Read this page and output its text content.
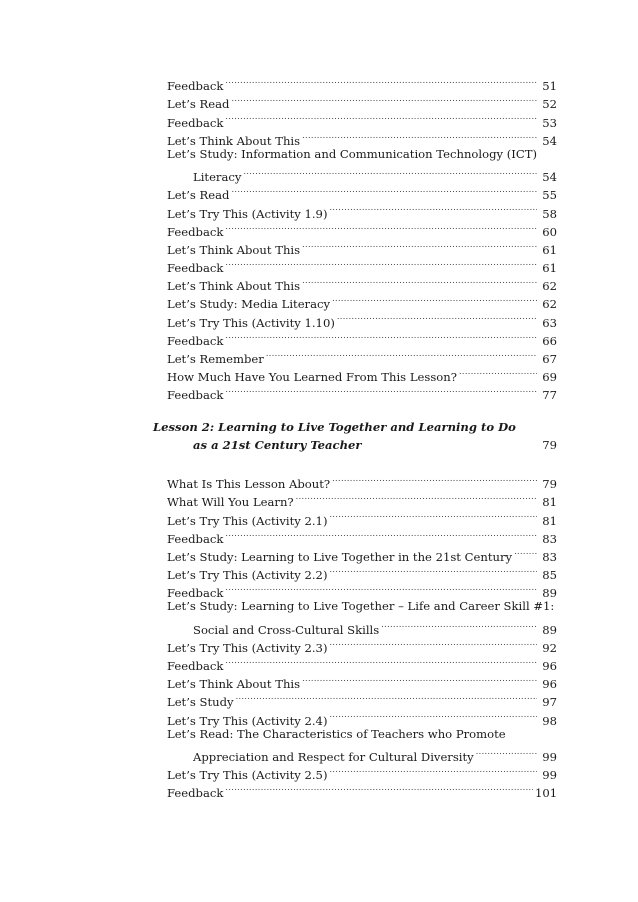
Feedback .....	51
Let’s Read .....	52
Feedback .....	53
Let’s Think About This .....	54
Let’s Study: Information and Communication Technology (ICT)
Literacy .....	54
Let’s Read .....	55
Let’s Try This (Activity 1.9) .....	58
Feedback .....	60
Let’s Think About This .....	61
Feedback .....	61
Let’s Think About This .....	62
Let’s Study: Media Literacy .....	62
Let’s Try This (Activity 1.10) .....	63
Feedback .....	66
Let’s Remember .....	67
How Much Have You Learned From This Lesson? .....	69
Feedback .....	77
Lesson 2: Learning to Live Together and Learning to Do
as a 21st Century Teacher	79
What Is This Lesson About? .....	79
What Will You Learn? .....	81
Let’s Try This (Activity 2.1) .....	81
Feedback .....	83
Let’s Study: Learning to Live Together in the 21st Century .....	83
Let’s Try This (Activity 2.2) .....	85
Feedback .....	89
Let’s Study: Learning to Live Together – Life and Career Skill #1:
Social and Cross-Cultural Skills .....	89
Let’s Try This (Activity 2.3) .....	92
Feedback .....	96
Let’s Think About This .....	96
Let’s Study .....	97
Let’s Try This (Activity 2.4) .....	98
Let’s Read: The Characteristics of Teachers who Promote
Appreciation and Respect for Cultural Diversity .....	99
Let’s Try This (Activity 2.5) .....	99
Feedback .....	101
